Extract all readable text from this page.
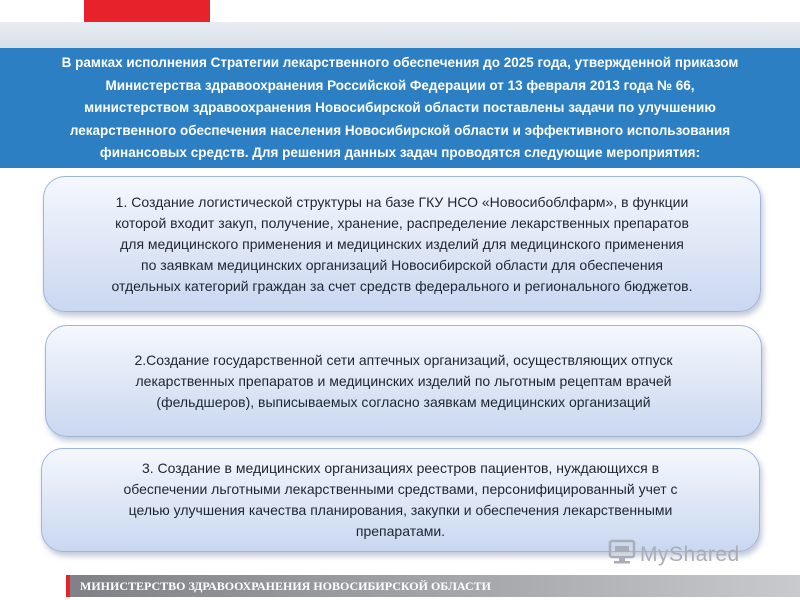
В рамках исполнения Стратегии лекарственного обеспечения до 2025 года, утвержденной приказом
Министерства здравоохранения Российской Федерации от 13 февраля 2013 года № 66,
министерством здравоохранения Новосибирской области поставлены задачи по улучшению
лекарственного обеспечения населения Новосибирской области и эффективного использования
финансовых средств. Для решения данных задач проводятся следующие мероприятия:

1. Создание логистической структуры на базе ГКУ НСО «Новосибоблфарм», в функции
которой входит закуп, получение, хранение, распределение лекарственных препаратов
для медицинского применения и медицинских изделий для медицинского применения
по заявкам медицинских организаций Новосибирской области для обеспечения
отдельных категорий граждан за счет средств федерального и регионального бюджетов.

2.Создание государственной сети аптечных организаций, осуществляющих отпуск
лекарственных препаратов и медицинских изделий по льготным рецептам врачей
(фельдшеров), выписываемых согласно заявкам медицинских организаций

3. Создание в медицинских организациях реестров пациентов, нуждающихся в
обеспечении льготными лекарственными средствами, персонифицированный учет с
целью улучшения качества планирования, закупки и обеспечения лекарственными
препаратами.

MyShared
МИНИСТЕРСТВО ЗДРАВООХРАНЕНИЯ НОВОСИБИРСКОЙ ОБЛАСТИ
